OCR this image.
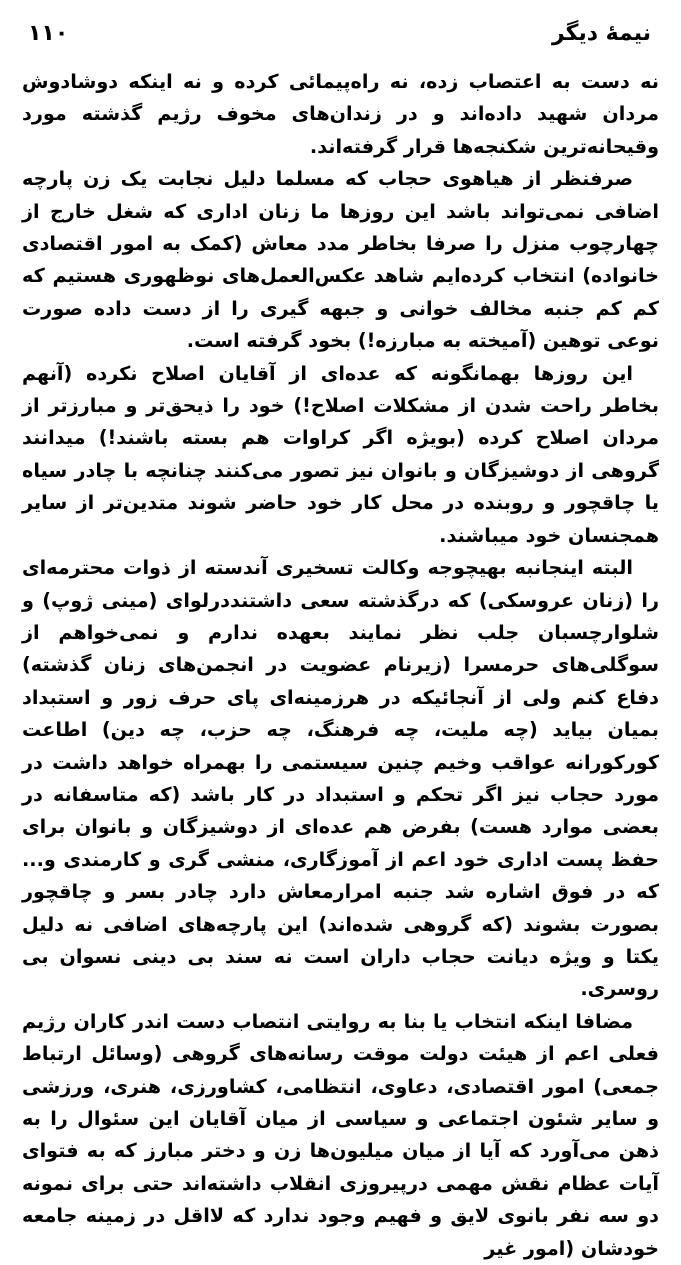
نیمهٔ دیگر
۱۱۰

نه دست به اعتصاب زده، نه راه‌پیمائی کرده و نه اینکه دوشادوش مردان شهید داده‌اند و در زندان‌های مخوف رژیم گذشته مورد وقیحانه‌ترین شکنجه‌ها قرار گرفته‌اند.

صرفنظر از هیاهوی حجاب که مسلما دلیل نجابت یک زن پارچه اضافی نمی‌تواند باشد این روزها ما زنان اداری که شغل خارج از چهارچوب منزل را صرفا بخاطر مدد معاش (کمک به امور اقتصادی خانواده) انتخاب کرده‌ایم شاهد عکس‌العمل‌های نوظهوری هستیم که کم کم جنبه مخالف خوانی و جبهه گیری را از دست داده صورت نوعی توهین (آمیخته به مبارزه!) بخود گرفته است.

این روزها بهمانگونه که عده‌ای از آقایان اصلاح نکرده (آنهم بخاطر راحت شدن از مشکلات اصلاح!) خود را ذیحق‌تر و مبارزتر از مردان اصلاح کرده (بویژه اگر کراوات هم بسته باشند!) میدانند گروهی از دوشیزگان و بانوان نیز تصور می‌کنند چنانچه با چادر سیاه یا چاقچور و روبنده در محل کار خود حاضر شوند متدین‌تر از سایر همجنسان خود میباشند.

البته اینجانبه بهیچوجه وکالت تسخیری آندسته از ذوات محترمه‌ای را (زنان عروسکی) که درگذشته سعی داشتنددرلوای (مینی ژوپ) و شلوارچسبان جلب نظر نمایند بعهده ندارم و نمی‌خواهم از سوگلی‌های حرمسرا (زیرنام عضویت در انجمن‌های زنان گذشته) دفاع کنم ولی از آنجائیکه در هرزمینه‌ای پای حرف زور و استبداد بمیان بیاید (چه ملیت، چه فرهنگ، چه حزب، چه دین) اطاعت کورکورانه عواقب وخیم چنین سیستمی را بهمراه خواهد داشت در مورد حجاب نیز اگر تحکم و استبداد در کار باشد (که متاسفانه در بعضی موارد هست) بفرض هم عده‌ای از دوشیزگان و بانوان برای حفظ پست اداری خود اعم از آموزگاری، منشی گری و کارمندی و... که در فوق اشاره شد جنبه امرارمعاش دارد چادر بسر و چاقچور بصورت بشوند (که گروهی شده‌اند) این پارچه‌های اضافی نه دلیل یکتا و ویژه دیانت حجاب داران است نه سند بی دینی نسوان بی روسری.

مضافا اینکه انتخاب یا بنا به روایتی انتصاب دست اندر کاران رژیم فعلی اعم از هیئت دولت موقت رسانه‌های گروهی (وسائل ارتباط جمعی) امور اقتصادی، دعاوی، انتظامی، کشاورزی، هنری، ورزشی و سایر شئون اجتماعی و سیاسی از میان آقایان این سئوال را به ذهن می‌آورد که آیا از میان میلیون‌ها زن و دختر مبارز که به فتوای آیات عظام نقش مهمی درپیروزی انقلاب داشته‌اند حتی برای نمونه دو سه نفر بانوی لایق و فهیم وجود ندارد که لااقل در زمینه جامعه خودشان (امور غیر
